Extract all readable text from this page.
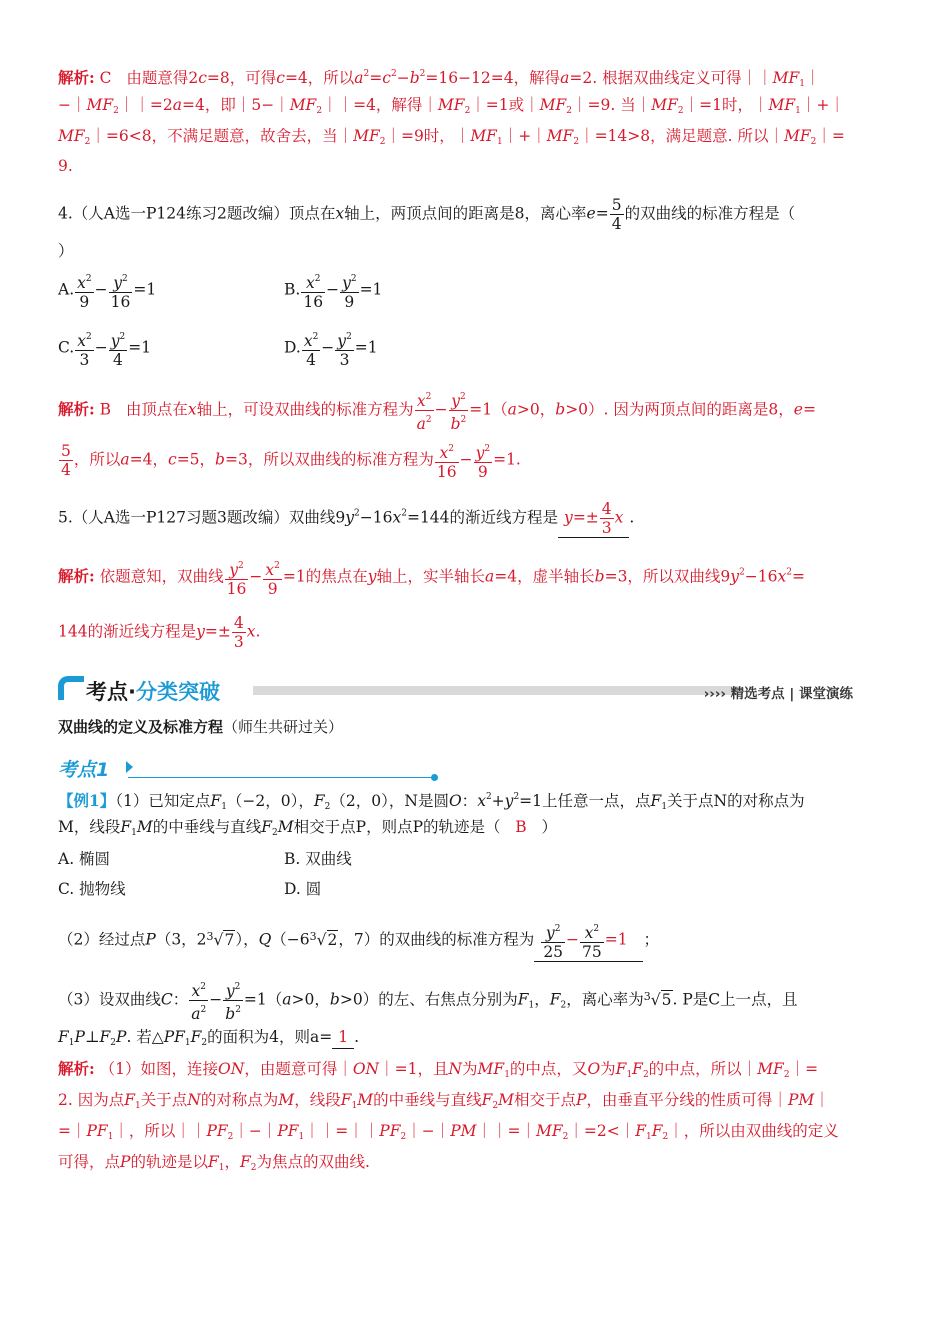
解析: C   由题意得2c=8，可得c=4，所以$a^2=c^2-b^2=16-12=4$，解得a=2. 根据双曲线定义可得$||MF_1|$
$-|MF_2||=2a=4$，即$|5-|MF_2||=4$，解得$|MF_2|=1$或$|MF_2|=9$. 当$|MF_2|=1$时，$|MF_1|+|$
$MF_2|=6<8$，不满足题意，故舍去，当$|MF_2|=9$时，$|MF_1|+|MF_2|=14>8$，满足题意. 所以$|MF_2|=$
9.
4.（人A选一P124练习2题改编）顶点在x轴上，两顶点间的距离是8，离心率$e= \frac{5}{4}$ 的双曲线的标准方程是（
）
A. $\frac{x^2}{9} - \frac{y^2}{16} =1$	B. $\frac{x^2}{16} - \frac{y^2}{9} =1$
C. $\frac{x^2}{3} - \frac{y^2}{4} =1$	D. $\frac{x^2}{4} - \frac{y^2}{3} =1$
解析: B   由顶点在x轴上，可设双曲线的标准方程为 $\frac{x^2}{a^2} - \frac{y^2}{b^2} =1(a>0$，b>0）. 因为两顶点间的距离是8，e=
$\frac{5}{4}$ ，所以a=4，c=5，b=3，所以双曲线的标准方程为 $\frac{x^2}{16} - \frac{y^2}{9} =1$.
5.（人A选一P127习题3题改编）双曲线$9y^2-16x^2=144$的渐近线方程是 $y=\pm \frac{4}{3}$ x .
解析: 依题意知，双曲线 $\frac{y^2}{16} - \frac{x^2}{9} =1$的焦点在y轴上，实半轴长a=4，虚半轴长b=3，所以双曲线$9y^2-16x^2=$
144的渐近线方程是$y=\pm \frac{4}{3} x$.
考点·分类突破	›››› 精选考点 | 课堂演练
双曲线的定义及标准方程（师生共研过关）
考点1
【例1】（1）已知定点$F_1(-2$，0），$F_2(2$，0），N是圆O：$x^2+y^2=1$上任意一点，点$F_1$关于点N的对称点为
M，线段$F_1M$的中垂线与直线$F_2M$相交于点P，则点P的轨迹是（ B ）
A. 椭圆	B. 双曲线
C. 抛物线	D. 圆
（2）经过点P（3，$2^3√7$），$Q(-6^3√2$，7）的双曲线的标准方程为 $\frac{y^2}{25} - \frac{x^2}{75} =1$  ；
（3）设双曲线C： $\frac{x^2}{a^2} - \frac{y^2}{b^2} =1(a>0$，b>0）的左、右焦点分别为$F_1$，$F_2$，离心率为$^3$√5. P是C上一点，且
$F_1P\perp F_2P$. 若$\triangle PF_1F_2$的面积为4，则a= 1 .
解析: （1）如图，连接ON，由题意可得｜ON｜=1，且N为$MF_1$的中点，又O为$F_1F_2$的中点，所以$|MF_2|=$
2. 因为点$F_1$关于点N的对称点为M，线段$F_1M$的中垂线与直线$F_2M$相交于点P，由垂直平分线的性质可得｜PM｜
$=|PF_1|$，所以$||PF_2|-|PF_1||=||PF_2|-|PM||=|MF_2|=2<|F_1F_2|$，所以由双曲线的定义
可得，点P的轨迹是以$F_1$，$F_2$为焦点的双曲线.
